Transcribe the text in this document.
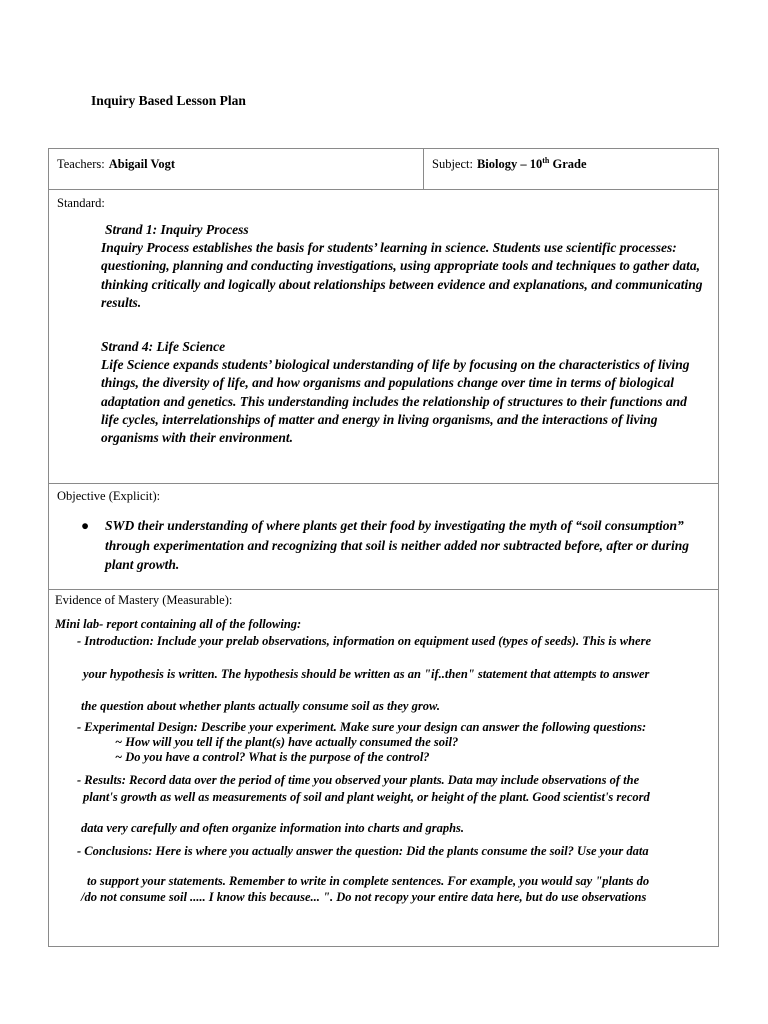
Inquiry Based Lesson Plan
Teachers: Abigail Vogt	Subject: Biology – 10th Grade

Standard:
Strand 1: Inquiry Process
Inquiry Process establishes the basis for students’ learning in science. Students use scientific processes: questioning, planning and conducting investigations, using appropriate tools and techniques to gather data, thinking critically and logically about relationships between evidence and explanations, and communicating results.
Strand 4: Life Science
Life Science expands students’ biological understanding of life by focusing on the characteristics of living things, the diversity of life, and how organisms and populations change over time in terms of biological adaptation and genetics. This understanding includes the relationship of structures to their functions and life cycles, interrelationships of matter and energy in living organisms, and the interactions of living organisms with their environment.

Objective (Explicit):
●	SWD their understanding of where plants get their food by investigating the myth of “soil consumption” through experimentation and recognizing that soil is neither added nor subtracted before, after or during plant growth.

Evidence of Mastery (Measurable):
Mini lab- report containing all of the following:
- Introduction: Include your prelab observations, information on equipment used (types of seeds). This is where
your hypothesis is written. The hypothesis should be written as an "if..then" statement that attempts to answer
the question about whether plants actually consume soil as they grow.
- Experimental Design: Describe your experiment. Make sure your design can answer the following questions:
~ How will you tell if the plant(s) have actually consumed the soil?
~ Do you have a control? What is the purpose of the control?
- Results: Record data over the period of time you observed your plants. Data may include observations of the
plant's growth as well as measurements of soil and plant weight, or height of the plant. Good scientist's record
data very carefully and often organize information into charts and graphs.
- Conclusions: Here is where you actually answer the question: Did the plants consume the soil? Use your data
to support your statements. Remember to write in complete sentences. For example, you would say "plants do
/do not consume soil ..... I know this because... ". Do not recopy your entire data here, but do use observations
